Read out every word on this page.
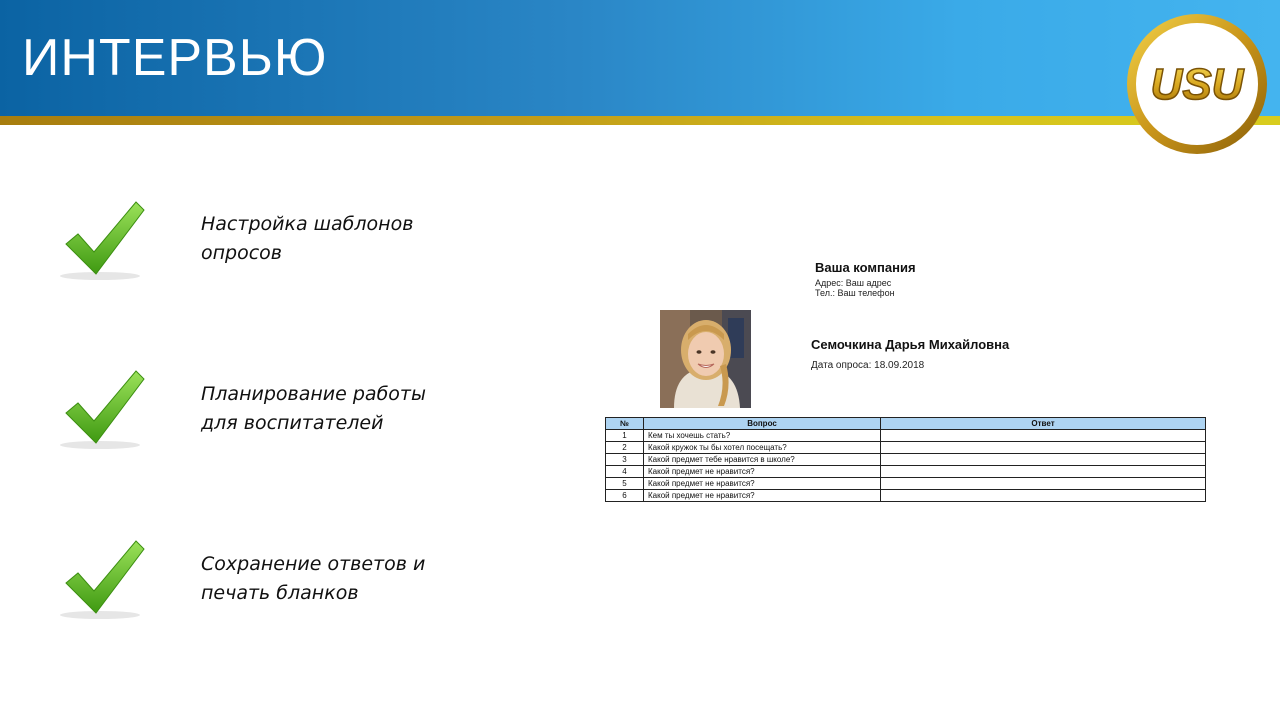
ИНТЕРВЬЮ	USU
Настройка шаблонов
опросов
Планирование работы
для воспитателей
Сохранение ответов и
печать бланков
Ваша компания
Адрес: Ваш адрес
Тел.: Ваш телефон
Семочкина Дарья Михайловна
Дата опроса: 18.09.2018
№	Вопрос	Ответ
1	Кем ты хочешь стать?	
2	Какой кружок ты бы хотел посещать?	
3	Какой предмет тебе нравится в школе?	
4	Какой предмет не нравится?	
5	Какой предмет не нравится?	
6	Какой предмет не нравится?	
